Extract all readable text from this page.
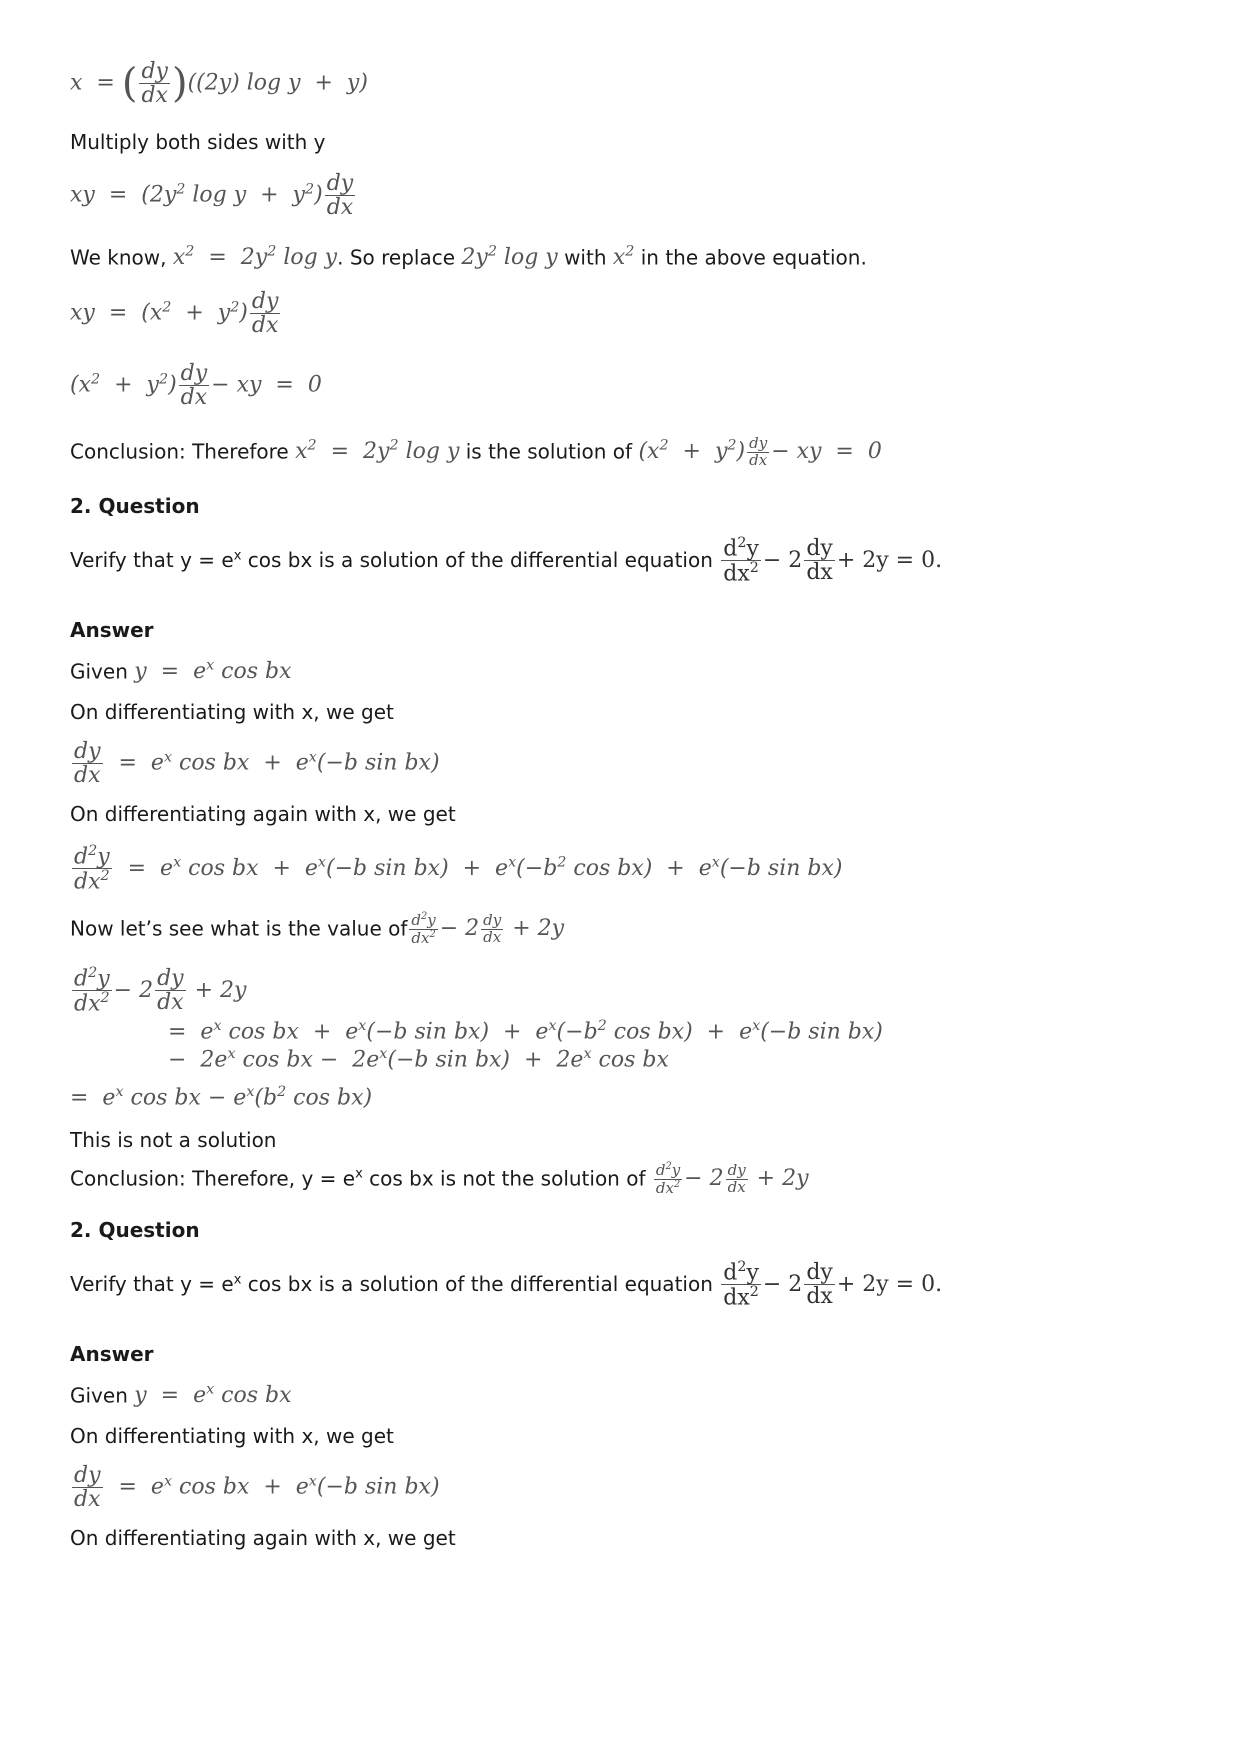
x  = ( $\frac{dy}{dx} )((2y)$ log y  +  y)
Multiply both sides with y
xy  =  ($2y^2$ $\log y + y^2) \frac{dy}{dx}$
We know, $x^2 = 2y^2$ log y. So replace $2y^2$ log y with $x^2$ in the above equation.
xy  =  $(x^2 + y^2) \frac{dy}{dx}$
$(x^2 + y^2) \frac{dy}{dx}$ − xy  =  0
Conclusion: Therefore $x^2 = 2y^2$ log y is the solution of $(x^2 + y^2) \frac{dy}{dx}$ − xy  =  0
2. Question
Verify that $y = e^x$ cos bx is a solution of the differential equation $\frac{d^2y}{dx^2} - 2 \frac{dy}{dx} + 2y = 0$.
Answer
Given $y = e^x$ cos bx
On differentiating with x, we get
$\frac{dy}{dx} = e^x$ cos bx  +  $e^x(-b$ sin bx)
On differentiating again with x, we get
$\frac{d^2y}{dx^2} = e^x$ cos bx  +  $e^x(-b$ $\sin bx) + e^x(-b^2$ $\cos bx) + e^x(-b$ sin bx)
Now let’s see what is the value of $\frac{d^2y}{dx^2} - 2 \frac{dy}{dx} + 2y$
$\frac{d^2y}{dx^2} - 2 \frac{dy}{dx} + 2y$
=  $e^x$ cos bx  +  $e^x(-b$ $\sin bx) + e^x(-b^2$ $\cos bx) + e^x(-b$ sin bx)
−  $2e^x$ cos bx −  $2e^x(-b$ $\sin bx) + 2e^x$ cos bx
=  $e^x$ cos bx − $e^x(b^2$ cos bx)
This is not a solution
Conclusion: Therefore, $y = e^x$ cos bx is not the solution of $\frac{d^2y}{dx^2} - 2 \frac{dy}{dx} + 2y$
2. Question
Verify that $y = e^x$ cos bx is a solution of the differential equation $\frac{d^2y}{dx^2} - 2 \frac{dy}{dx} + 2y = 0$.
Answer
Given $y = e^x$ cos bx
On differentiating with x, we get
$\frac{dy}{dx} = e^x$ cos bx  +  $e^x(-b$ sin bx)
On differentiating again with x, we get
